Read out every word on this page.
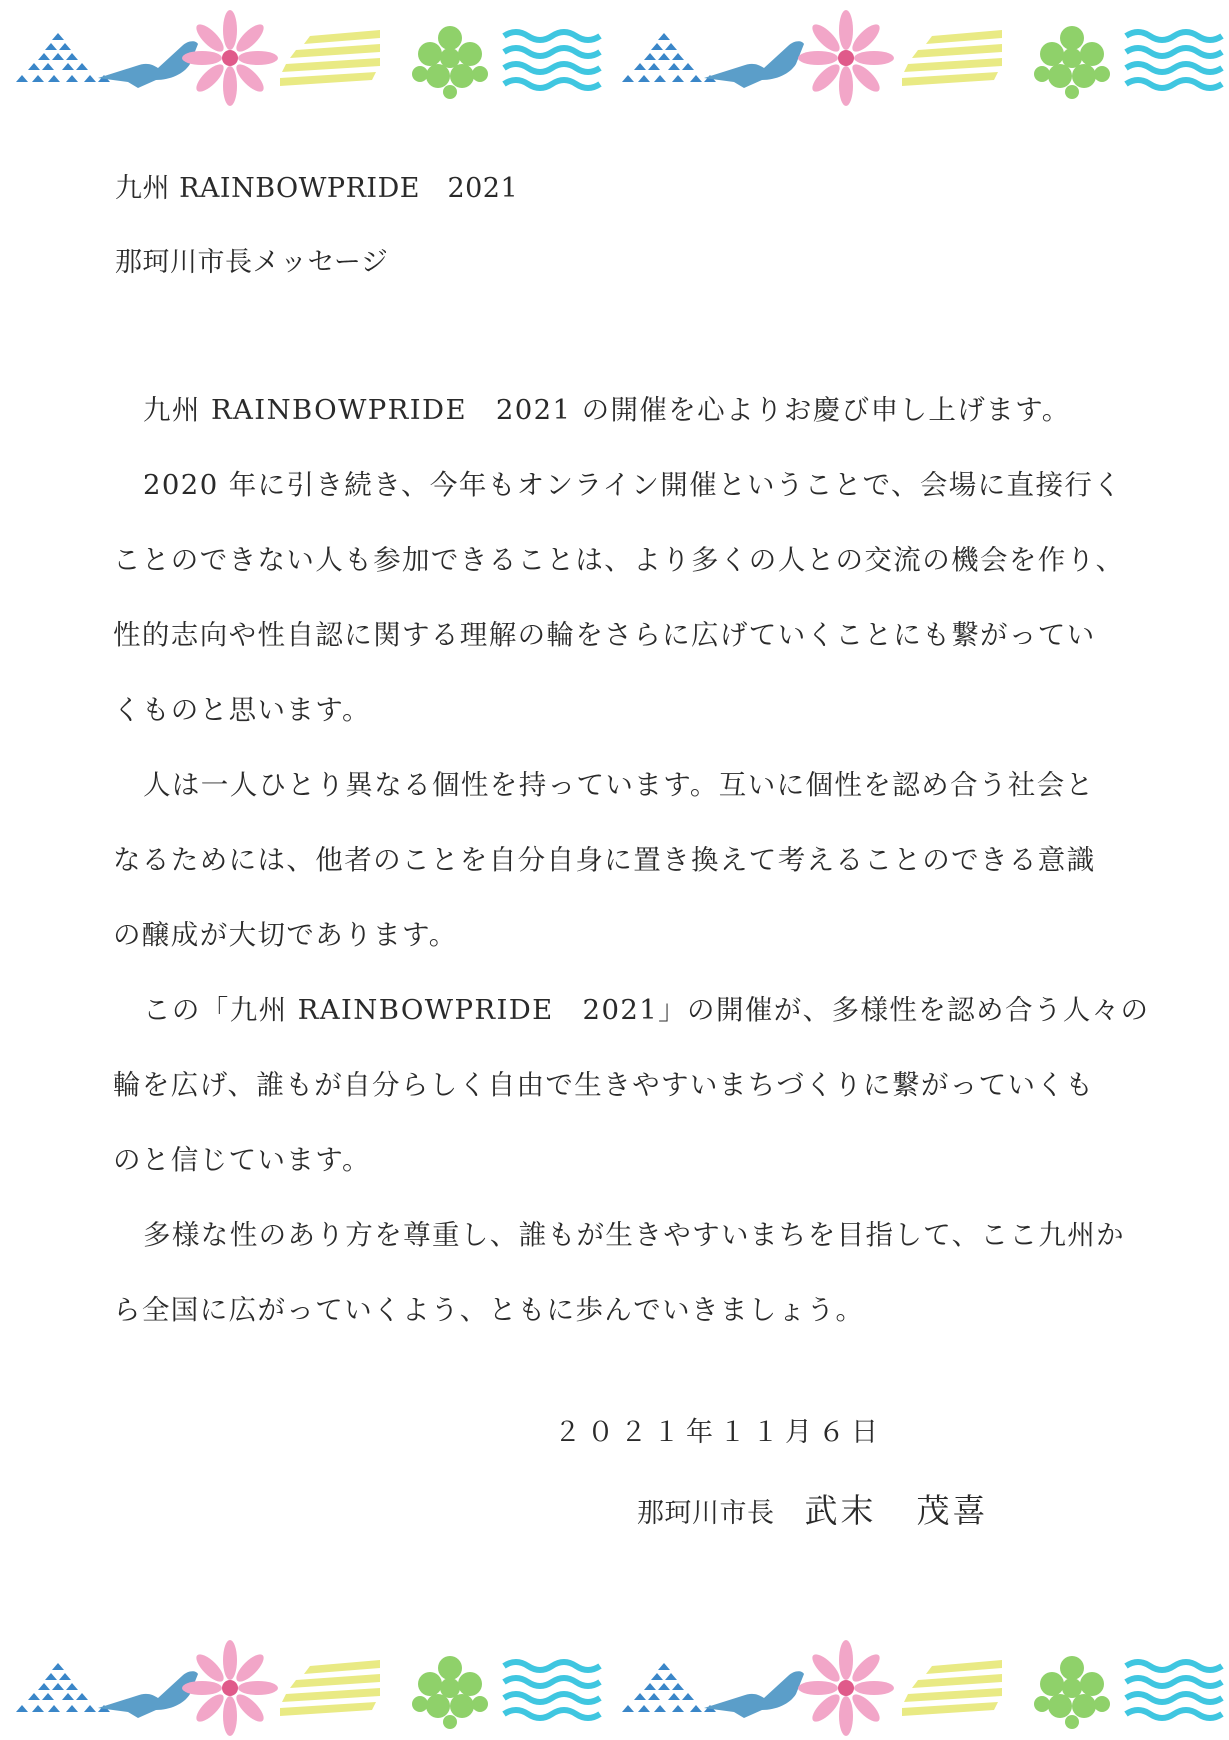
九州 RAINBOWPRIDE　2021
那珂川市長メッセージ
九州 RAINBOWPRIDE　2021 の開催を心よりお慶び申し上げます。
2020 年に引き続き、今年もオンライン開催ということで、会場に直接行く
ことのできない人も参加できることは、より多くの人との交流の機会を作り、
性的志向や性自認に関する理解の輪をさらに広げていくことにも繋がってい
くものと思います。
人は一人ひとり異なる個性を持っています。互いに個性を認め合う社会と
なるためには、他者のことを自分自身に置き換えて考えることのできる意識
の醸成が大切であります。
この「九州 RAINBOWPRIDE　2021」の開催が、多様性を認め合う人々の
輪を広げ、誰もが自分らしく自由で生きやすいまちづくりに繋がっていくも
のと信じています。
多様な性のあり方を尊重し、誰もが生きやすいまちを目指して、ここ九州か
ら全国に広がっていくよう、ともに歩んでいきましょう。
２０２１年１１月６日
那珂川市長 武末 茂喜
